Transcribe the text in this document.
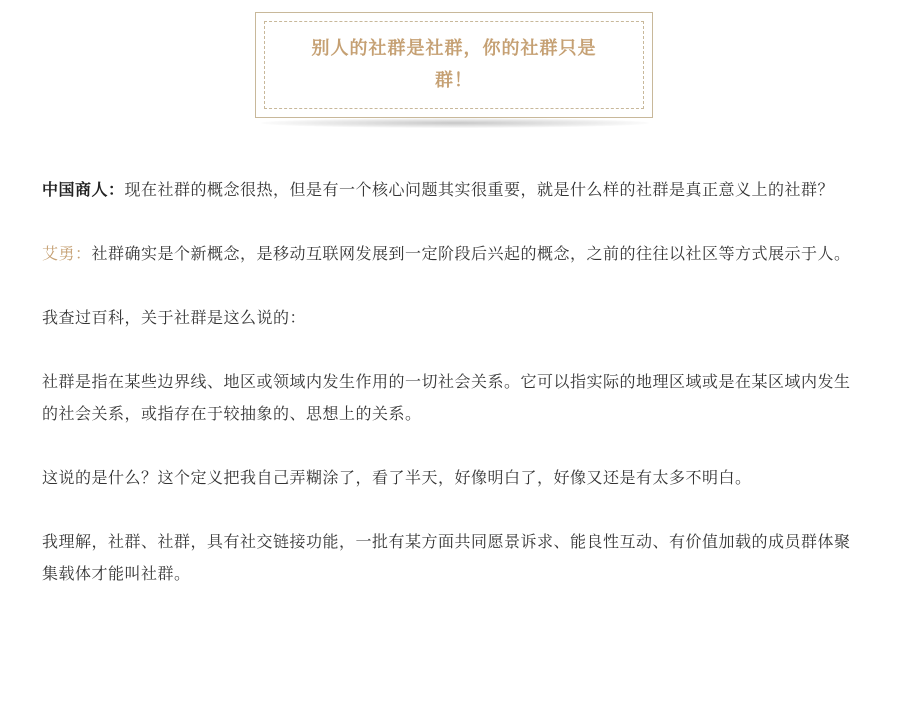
别人的社群是社群，你的社群只是群！

中国商人：现在社群的概念很热，但是有一个核心问题其实很重要，就是什么样的社群是真正意义上的社群？

艾勇：社群确实是个新概念，是移动互联网发展到一定阶段后兴起的概念，之前的往往以社区等方式展示于人。

我查过百科，关于社群是这么说的：

社群是指在某些边界线、地区或领域内发生作用的一切社会关系。它可以指实际的地理区域或是在某区域内发生的社会关系，或指存在于较抽象的、思想上的关系。

这说的是什么？这个定义把我自己弄糊涂了，看了半天，好像明白了，好像又还是有太多不明白。

我理解，社群、社群，具有社交链接功能，一批有某方面共同愿景诉求、能良性互动、有价值加载的成员群体聚集载体才能叫社群。
